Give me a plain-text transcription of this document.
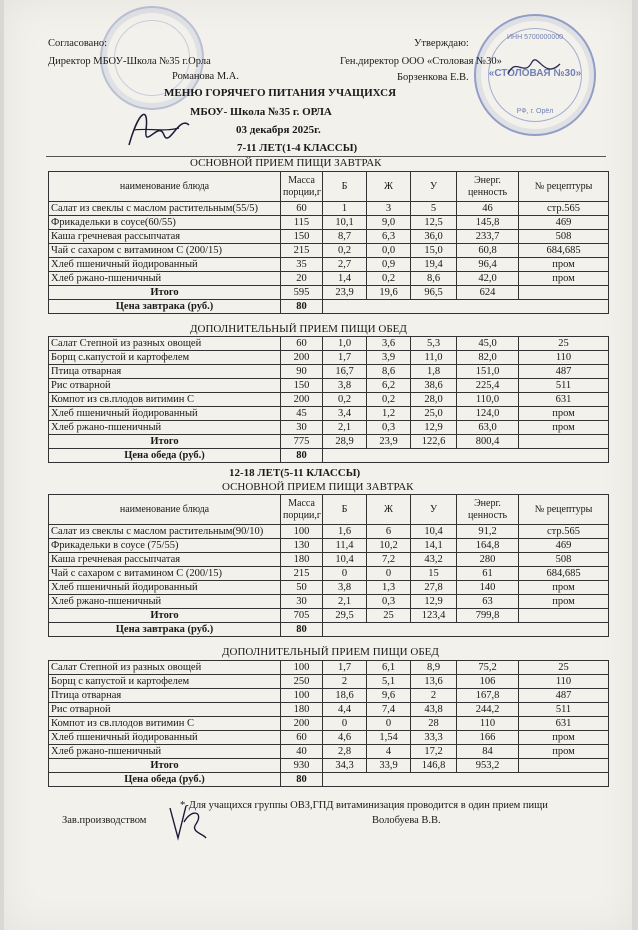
ИНН 5700000000
«СТОЛОВАЯ №30»
РФ, г. Орёл
Согласовано:
Директор МБОУ-Школа №35 г.Орла
Романова М.А.
Утверждаю:
Ген.директор ООО «Столовая №30»
Борзенкова Е.В.
МЕНЮ ГОРЯЧЕГО ПИТАНИЯ УЧАЩИХСЯ
МБОУ- Школа №35 г. ОРЛА
03 декабря 2025г.
7-11 ЛЕТ(1-4 КЛАССЫ)
ОСНОВНОЙ ПРИЕМ ПИЩИ ЗАВТРАК
наименование блюда	Масса порции,г	Б	Ж	У	Энерг. ценность	№ рецептуры
Салат из свеклы с маслом растительным(55/5)	60	1	3	5	46	стр.565
Фрикадельки в соусе(60/55)	115	10,1	9,0	12,5	145,8	469
Каша гречневая рассыпчатая	150	8,7	6,3	36,0	233,7	508
Чай с сахаром с витамином С (200/15)	215	0,2	0,0	15,0	60,8	684,685
Хлеб пшеничный йодированный	35	2,7	0,9	19,4	96,4	пром
Хлеб ржано-пшеничный	20	1,4	0,2	8,6	42,0	пром
Итого	595	23,9	19,6	96,5	624	
Цена завтрака (руб.)	80					
ДОПОЛНИТЕЛЬНЫЙ ПРИЕМ ПИЩИ ОБЕД
Салат Степной из разных овощей	60	1,0	3,6	5,3	45,0	25
Борщ с.капустой и картофелем	200	1,7	3,9	11,0	82,0	110
Птица отварная	90	16,7	8,6	1,8	151,0	487
Рис отварной	150	3,8	6,2	38,6	225,4	511
Компот из св.плодов витимин С	200	0,2	0,2	28,0	110,0	631
Хлеб пшеничный йодированный	45	3,4	1,2	25,0	124,0	пром
Хлеб ржано-пшеничный	30	2,1	0,3	12,9	63,0	пром
Итого	775	28,9	23,9	122,6	800,4	
Цена обеда (руб.)	80					
12-18 ЛЕТ(5-11 КЛАССЫ)
ОСНОВНОЙ ПРИЕМ ПИЩИ ЗАВТРАК
наименование блюда	Масса порции,г	Б	Ж	У	Энерг. ценность	№ рецептуры
Салат из свеклы с маслом растительным(90/10)	100	1,6	6	10,4	91,2	стр.565
Фрикадельки в соусе (75/55)	130	11,4	10,2	14,1	164,8	469
Каша гречневая рассыпчатая	180	10,4	7,2	43,2	280	508
Чай с сахаром с витамином С (200/15)	215	0	0	15	61	684,685
Хлеб пшеничный йодированный	50	3,8	1,3	27,8	140	пром
Хлеб ржано-пшеничный	30	2,1	0,3	12,9	63	пром
Итого	705	29,5	25	123,4	799,8	
Цена завтрака (руб.)	80					
ДОПОЛНИТЕЛЬНЫЙ ПРИЕМ ПИЩИ ОБЕД
Салат Степной из разных овощей	100	1,7	6,1	8,9	75,2	25
Борщ с капустой и картофелем	250	2	5,1	13,6	106	110
Птица отварная	100	18,6	9,6	2	167,8	487
Рис отварной	180	4,4	7,4	43,8	244,2	511
Компот из св.плодов витимин С	200	0	0	28	110	631
Хлеб пшеничный йодированный	60	4,6	1,54	33,3	166	пром
Хлеб ржано-пшеничный	40	2,8	4	17,2	84	пром
Итого	930	34,3	33,9	146,8	953,2	
Цена обеда (руб.)	80					
*-Для учащихся группы ОВЗ,ГПД витаминизация проводится в один прием пищи
Зав.производством	Волобуева В.В.
